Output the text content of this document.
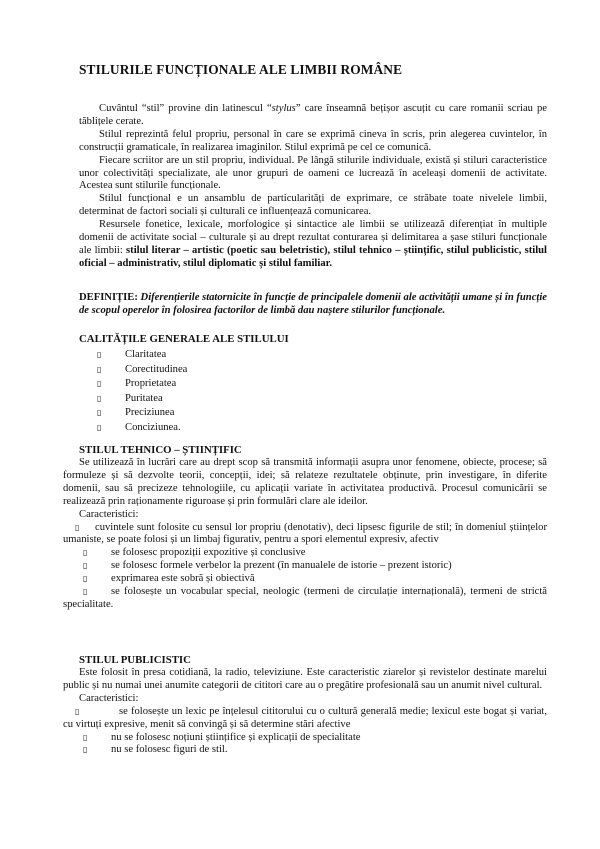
STILURILE FUNCȚIONALE ALE LIMBII ROMÂNE

Cuvântul “stil” provine din latinescul “stylus” care înseamnă bețișor ascuțit cu care romanii scriau pe tăblițele cerate.

Stilul reprezintă felul propriu, personal în care se exprimă cineva în scris, prin alegerea cuvintelor, în construcții gramaticale, în realizarea imaginilor. Stilul exprimă pe cel ce comunică.

Fiecare scriitor are un stil propriu, individual. Pe lângă stilurile individuale, există și stiluri caracteristice unor colectivități specializate, ale unor grupuri de oameni ce lucrează în aceleași domenii de activitate. Acestea sunt stilurile funcționale.

Stilul funcțional e un ansamblu de particularități de exprimare, ce străbate toate nivelele limbii, determinat de factori sociali și culturali ce influențează comunicarea.

Resursele fonetice, lexicale, morfologice și sintactice ale limbii se utilizează diferențiat în multiple domenii de activitate social – culturale și au drept rezultat conturarea și delimitarea a șase stiluri funcționale ale limbii: stilul literar – artistic (poetic sau beletristic), stilul tehnico – științific, stilul publicistic, stilul oficial – administrativ, stilul diplomatic și stilul familiar.

DEFINIȚIE: Diferențierile statornicite în funcție de principalele domenii ale activității umane și în funcție de scopul operelor în folosirea factorilor de limbă dau naștere stilurilor funcționale.

CALITĂȚILE GENERALE ALE STILULUI
▯ Claritatea
▯ Corectitudinea
▯ Proprietatea
▯ Puritatea
▯ Preciziunea
▯ Conciziunea.
STILUL TEHNICO – ȘTIINȚIFIC

Se utilizează în lucrări care au drept scop să transmită informații asupra unor fenomene, obiecte, procese; să formuleze și să dezvolte teorii, concepții, idei; să relateze rezultatele obținute, prin investigare, în diferite domenii, sau să precizeze tehnologiile, cu aplicații variate în activitatea productivă. Procesul comunicării se realizează prin raționamente riguroase și prin formulări clare ale ideilor.

Caracteristici:

▯ cuvintele sunt folosite cu sensul lor propriu (denotativ), deci lipsesc figurile de stil; în domeniul științelor umaniste, se poate folosi și un limbaj figurativ, pentru a spori elementul expresiv, afectiv

▯ se folosesc propoziții expozitive și conclusive

▯ se folosesc formele verbelor la prezent (în manualele de istorie – prezent istoric)

▯ exprimarea este sobră și obiectivă

▯ se folosește un vocabular special, neologic (termeni de circulație internațională), termeni de strictă specialitate.

STILUL PUBLICISTIC

Este folosit în presa cotidiană, la radio, televiziune. Este caracteristic ziarelor și revistelor destinate marelui public și nu numai unei anumite categorii de cititori care au o pregătire profesională sau un anumit nivel cultural.

Caracteristici:

▯	se folosește un lexic pe înțelesul cititorului cu o cultură generală medie; lexicul este bogat și variat, cu virtuți expresive, menit să convingă și să determine stări afective

▯ nu se folosesc noțiuni științifice și explicații de specialitate

▯ nu se folosesc figuri de stil.
